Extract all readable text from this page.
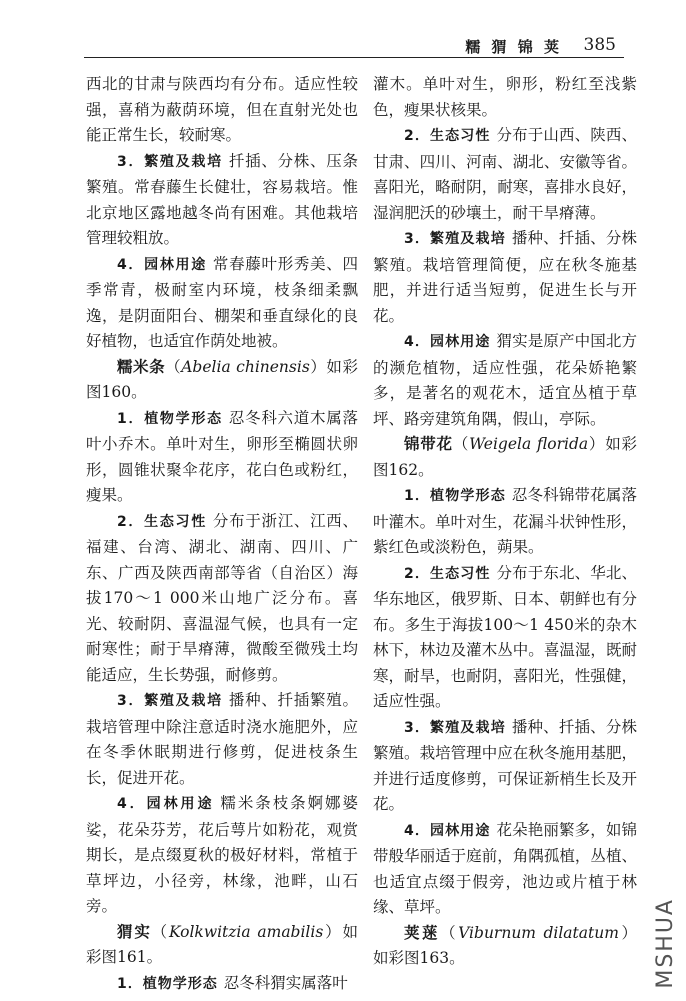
糯 猬 锦 荚 385

西北的甘肃与陕西均有分布。适应性较强，喜稍为蔽荫环境，但在直射光处也能正常生长，较耐寒。

3．繁殖及栽培 扦插、分株、压条繁殖。常春藤生长健壮，容易栽培。惟北京地区露地越冬尚有困难。其他栽培管理较粗放。

4．园林用途 常春藤叶形秀美、四季常青，极耐室内环境，枝条细柔飘逸，是阴面阳台、棚架和垂直绿化的良好植物，也适宜作荫处地被。

糯米条（Abelia chinensis）如彩图160。

1．植物学形态 忍冬科六道木属落叶小乔木。单叶对生，卵形至椭圆状卵形，圆锥状聚伞花序，花白色或粉红，瘦果。

2．生态习性 分布于浙江、江西、福建、台湾、湖北、湖南、四川、广东、广西及陕西南部等省（自治区）海拔170～1 000米山地广泛分布。喜光、较耐阴、喜温湿气候，也具有一定耐寒性；耐于旱瘠薄，微酸至微残土均能适应，生长势强，耐修剪。

3．繁殖及栽培 播种、扦插繁殖。栽培管理中除注意适时浇水施肥外，应在冬季休眠期进行修剪，促进枝条生长，促进开花。

4．园林用途 糯米条枝条婀娜婆娑，花朵芬芳，花后萼片如粉花，观赏期长，是点缀夏秋的极好材料，常植于草坪边，小径旁，林缘，池畔，山石旁。

猬实（Kolkwitzia amabilis）如彩图161。

1．植物学形态 忍冬科猬实属落叶

灌木。单叶对生，卵形，粉红至浅紫色，瘦果状核果。

2．生态习性 分布于山西、陕西、甘肃、四川、河南、湖北、安徽等省。喜阳光，略耐阴，耐寒，喜排水良好，湿润肥沃的砂壤土，耐干旱瘠薄。

3．繁殖及栽培 播种、扦插、分株繁殖。栽培管理简便，应在秋冬施基肥，并进行适当短剪，促进生长与开花。

4．园林用途 猬实是原产中国北方的濒危植物，适应性强，花朵娇艳繁多，是著名的观花木，适宜丛植于草坪、路旁建筑角隅，假山，亭际。

锦带花（Weigela florida）如彩图162。

1．植物学形态 忍冬科锦带花属落叶灌木。单叶对生，花漏斗状钟性形，紫红色或淡粉色，蒴果。

2．生态习性 分布于东北、华北、华东地区，俄罗斯、日本、朝鲜也有分布。多生于海拔100～1 450米的杂木林下，林边及灌木丛中。喜温湿，既耐寒，耐旱，也耐阴，喜阳光，性强健，适应性强。

3．繁殖及栽培 播种、扦插、分株繁殖。栽培管理中应在秋冬施用基肥，并进行适度修剪，可保证新梢生长及开花。

4．园林用途 花朵艳丽繁多，如锦带般华丽适于庭前，角隅孤植，丛植、也适宜点缀于假旁，池边或片植于林缘、草坪。

荚蒾（Viburnum dilatatum）如彩图163。	MSHUA
